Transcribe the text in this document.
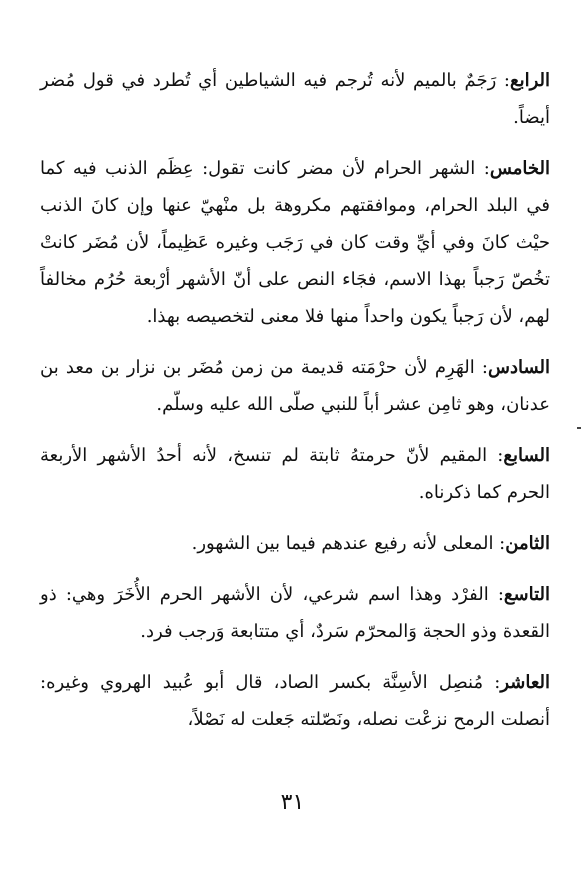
الرابع: رَجَمٌ بالميم لأنه تُرجم فيه الشياطين أي تُطرد في قول مُضر أيضاً.

الخامس: الشهر الحرام لأن مضر كانت تقول: عِظَم الذنب فيه كما في البلد الحرام، وموافقتهم مكروهة بل منْهيّ عنها وإن كانَ الذنب حيْث كانَ وفي أيِّ وقت كان في رَجَب وغيره عَظِيماً، لأن مُضَر كانتْ تخُصّ رَجباً بهذا الاسم، فجَاء النص على أنّ الأشهر أرْبعة حُرُم مخالفاً لهم، لأن رَجباً يكون واحداً منها فلا معنى لتخصيصه بهذا.

السادس: الهَرِم لأن حرْمَته قديمة من زمن مُضَر بن نزار بن معد بن عدنان، وهو ثامِن عشر أباً للنبي صلّى الله عليه وسلّم.

السابع: المقيم لأنّ حرمتهُ ثابتة لم تنسخ، لأنه أحدُ الأشهر الأربعة الحرم كما ذكرناه.

الثامن: المعلى لأنه رفيع عندهم فيما بين الشهور.

التاسع: الفرْد وهذا اسم شرعي، لأن الأشهر الحرم الأُخَرَ وهي: ذو القعدة وذو الحجة وَالمحرّم سَردٌ، أي متتابعة وَرجب فرد.

العاشر: مُنصِل الأسِنَّة بكسر الصاد، قال أبو عُبيد الهروي وغيره: أنصلت الرمح نزعْت نصله، ونَصّلته جَعلت له نَصْلاً،

٣١
